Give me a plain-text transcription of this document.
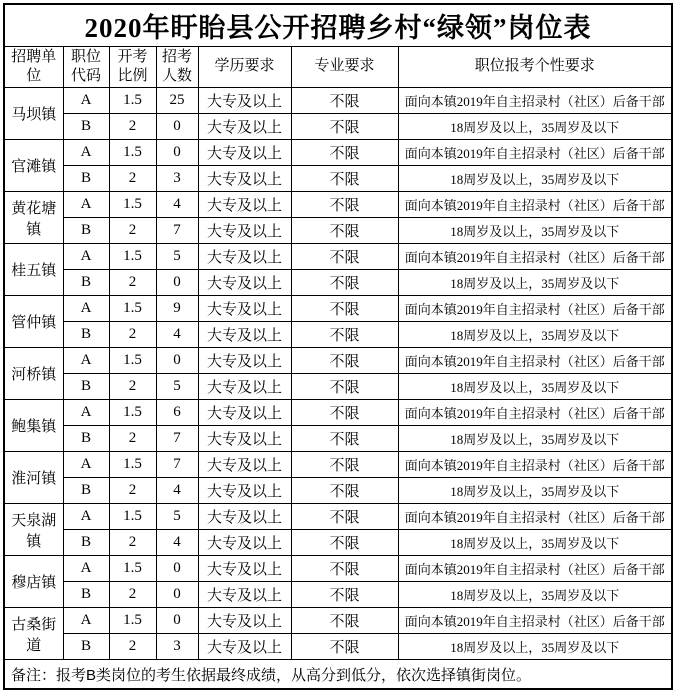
2020年盱眙县公开招聘乡村“绿领”岗位表						
招聘单位	职位代码	开考比例	招考人数	学历要求	专业要求	职位报考个性要求
马坝镇	A	1.5	25	大专及以上	不限	面向本镇2019年自主招录村（社区）后备干部
	B	2	0	大专及以上	不限	18周岁及以上，35周岁及以下
官滩镇	A	1.5	0	大专及以上	不限	面向本镇2019年自主招录村（社区）后备干部
	B	2	3	大专及以上	不限	18周岁及以上，35周岁及以下
黄花塘镇	A	1.5	4	大专及以上	不限	面向本镇2019年自主招录村（社区）后备干部
	B	2	7	大专及以上	不限	18周岁及以上，35周岁及以下
桂五镇	A	1.5	5	大专及以上	不限	面向本镇2019年自主招录村（社区）后备干部
	B	2	0	大专及以上	不限	18周岁及以上，35周岁及以下
管仲镇	A	1.5	9	大专及以上	不限	面向本镇2019年自主招录村（社区）后备干部
	B	2	4	大专及以上	不限	18周岁及以上，35周岁及以下
河桥镇	A	1.5	0	大专及以上	不限	面向本镇2019年自主招录村（社区）后备干部
	B	2	5	大专及以上	不限	18周岁及以上，35周岁及以下
鲍集镇	A	1.5	6	大专及以上	不限	面向本镇2019年自主招录村（社区）后备干部
	B	2	7	大专及以上	不限	18周岁及以上，35周岁及以下
淮河镇	A	1.5	7	大专及以上	不限	面向本镇2019年自主招录村（社区）后备干部
	B	2	4	大专及以上	不限	18周岁及以上，35周岁及以下
天泉湖镇	A	1.5	5	大专及以上	不限	面向本镇2019年自主招录村（社区）后备干部
	B	2	4	大专及以上	不限	18周岁及以上，35周岁及以下
穆店镇	A	1.5	0	大专及以上	不限	面向本镇2019年自主招录村（社区）后备干部
	B	2	0	大专及以上	不限	18周岁及以上，35周岁及以下
古桑街道	A	1.5	0	大专及以上	不限	面向本镇2019年自主招录村（社区）后备干部
	B	2	3	大专及以上	不限	18周岁及以上，35周岁及以下
备注：报考B类岗位的考生依据最终成绩，从高分到低分，依次选择镇街岗位。						
